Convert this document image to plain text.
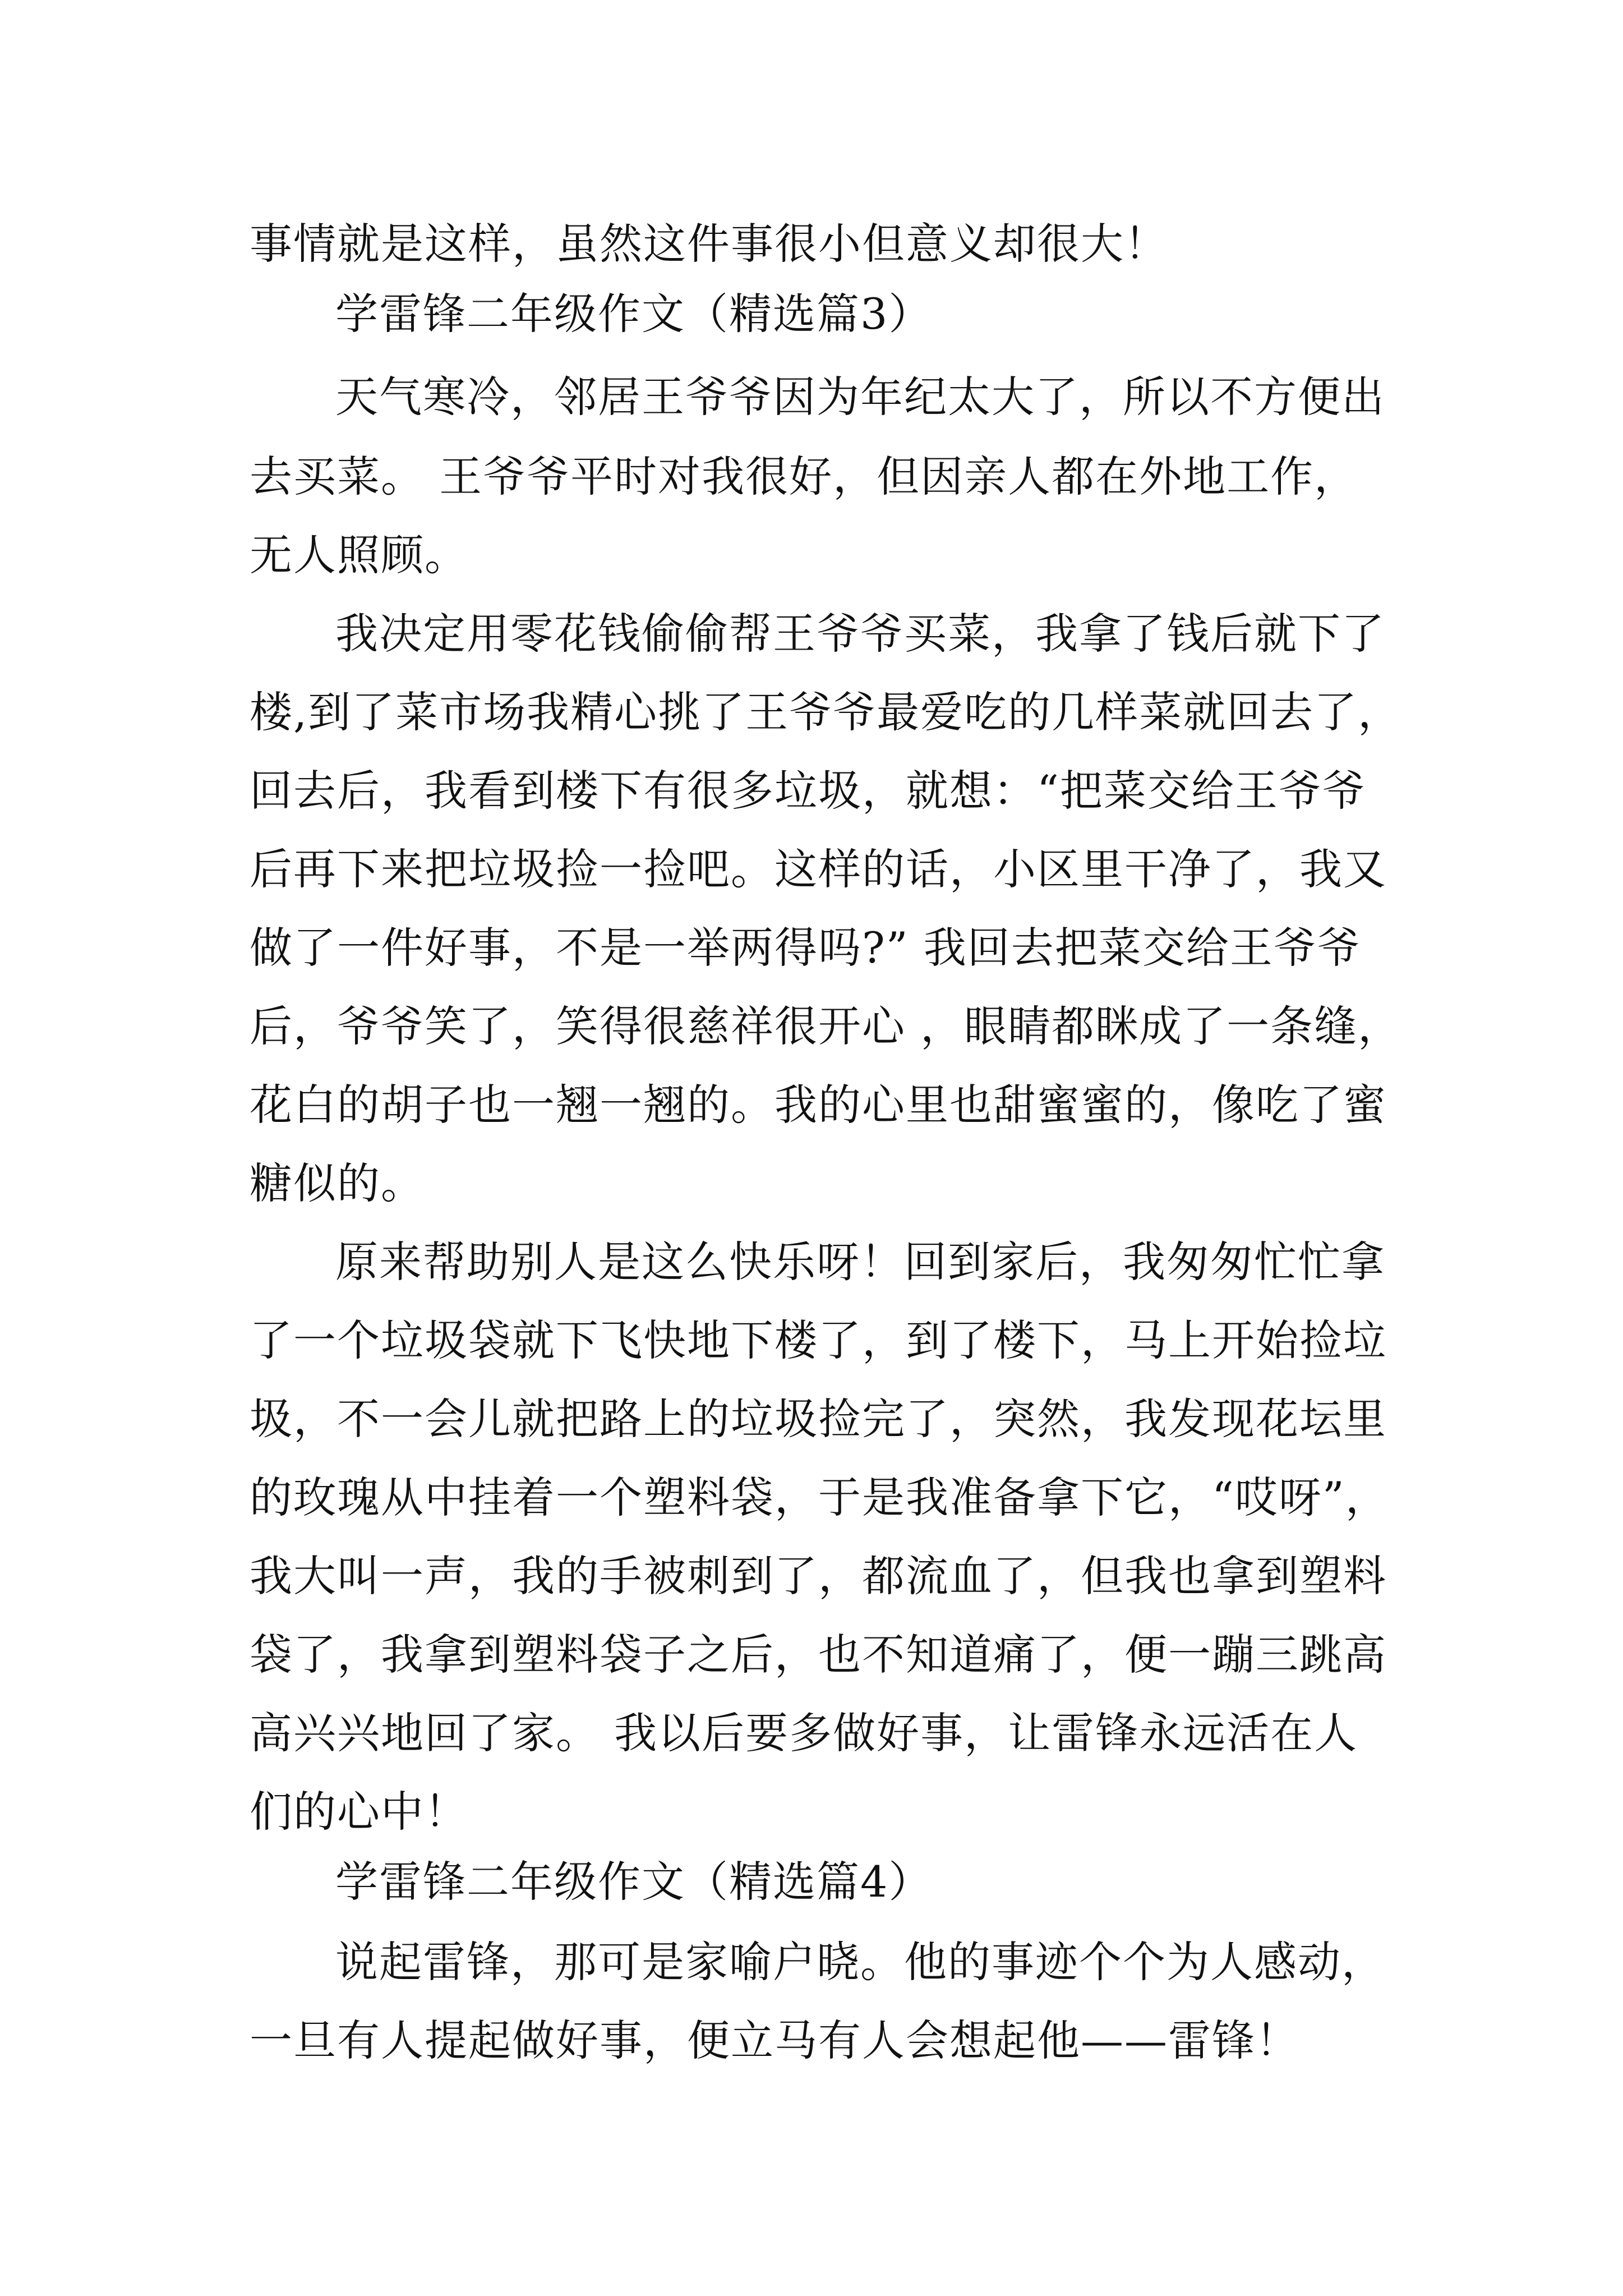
事情就是这样，虽然这件事很小但意义却很大！
学雷锋二年级作文（精选篇3）
天气寒冷，邻居王爷爷因为年纪太大了，所以不方便出
去买菜。 王爷爷平时对我很好，但因亲人都在外地工作，
无人照顾。
我决定用零花钱偷偷帮王爷爷买菜，我拿了钱后就下了
楼,到了菜市场我精心挑了王爷爷最爱吃的几样菜就回去了，
回去后，我看到楼下有很多垃圾，就想：“把菜交给王爷爷
后再下来把垃圾捡一捡吧。这样的话，小区里干净了，我又
做了一件好事，不是一举两得吗?” 我回去把菜交给王爷爷
后，爷爷笑了，笑得很慈祥很开心 ，眼睛都眯成了一条缝，
花白的胡子也一翘一翘的。我的心里也甜蜜蜜的，像吃了蜜
糖似的。
原来帮助别人是这么快乐呀！回到家后，我匆匆忙忙拿
了一个垃圾袋就下飞快地下楼了，到了楼下，马上开始捡垃
圾，不一会儿就把路上的垃圾捡完了，突然，我发现花坛里
的玫瑰从中挂着一个塑料袋，于是我准备拿下它，“哎呀”，
我大叫一声，我的手被刺到了，都流血了，但我也拿到塑料
袋了，我拿到塑料袋子之后，也不知道痛了，便一蹦三跳高
高兴兴地回了家。 我以后要多做好事，让雷锋永远活在人
们的心中！
学雷锋二年级作文（精选篇4）
说起雷锋，那可是家喻户晓。他的事迹个个为人感动，
一旦有人提起做好事，便立马有人会想起他——雷锋！
